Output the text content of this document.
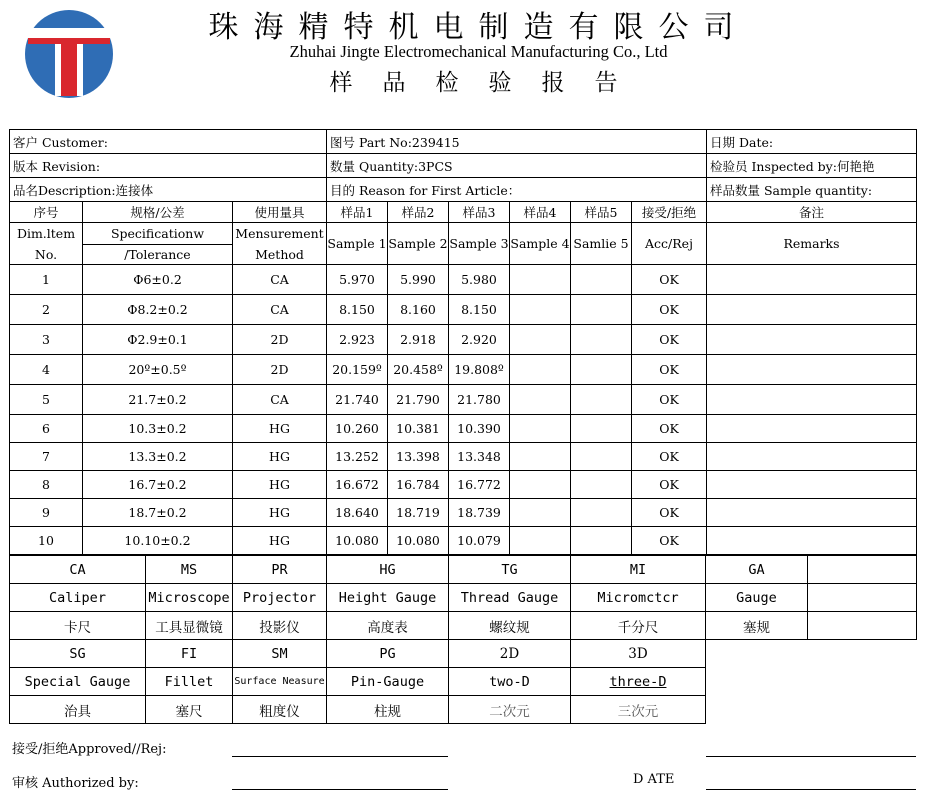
珠海精特机电制造有限公司
Zhuhai Jingte Electromechanical Manufacturing Co., Ltd
样品检验报告
客户 Customer:	图号 Part No:239415	日期 Date:
版本 Revision:	数量 Quantity:3PCS	检验员 Inspected by:何艳艳
品名Description:连接体	目的 Reason for First Article：	样品数量 Sample quantity:
序号	规格/公差	使用量具	样品1	样品2	样品3	样品4	样品5	接受/拒绝	备注
Dim.ltem	Specificationw	Mensurement	Sample 1	Sample 2	Sample 3	Sample 4	Samlie 5	Acc/Rej	Remarks
No.	/Tolerance	Method							
1	Φ6±0.2	CA	5.970	5.990	5.980			OK	
2	Φ8.2±0.2	CA	8.150	8.160	8.150			OK	
3	Φ2.9±0.1	2D	2.923	2.918	2.920			OK	
4	20º±0.5º	2D	20.159º	20.458º	19.808º			OK	
5	21.7±0.2	CA	21.740	21.790	21.780			OK	
6	10.3±0.2	HG	10.260	10.381	10.390			OK	
7	13.3±0.2	HG	13.252	13.398	13.348			OK	
8	16.7±0.2	HG	16.672	16.784	16.772			OK	
9	18.7±0.2	HG	18.640	18.719	18.739			OK	
10	10.10±0.2	HG	10.080	10.080	10.079			OK	
CA	MS	PR	HG	TG	MI	GA	
Caliper	Microscope	Projector	Height Gauge	Thread Gauge	Micromctcr	Gauge	
卡尺	工具显微镜	投影仪	高度表	螺纹规	千分尺	塞规	
SG	FI	SM	PG	2D	3D		
Special Gauge	Fillet	Surface Neasure	Pin-Gauge	two-D	three-D		
治具	塞尺	粗度仪	柱规	二次元	三次元		
接受/拒绝Approved//Rej:
审核 Authorized by:	D ATE
